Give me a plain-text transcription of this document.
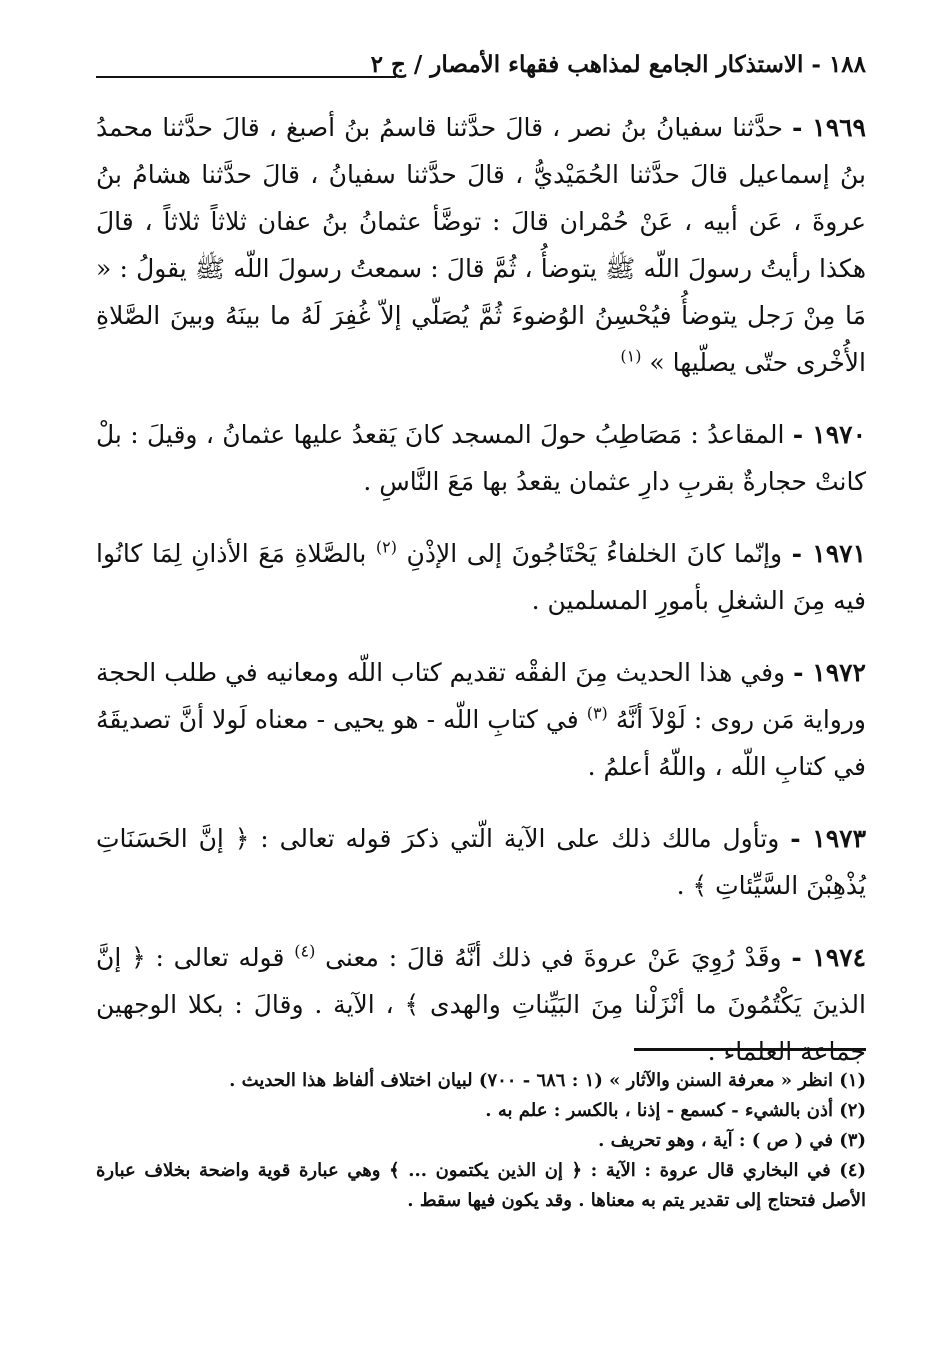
١٨٨ - الاستذكار الجامع لمذاهب فقهاء الأمصار / ج ٢

١٩٦٩ - حدَّثنا سفيانُ بنُ نصر ، قالَ حدَّثنا قاسمُ بنُ أصبغ ، قالَ حدَّثنا محمدُ بنُ إسماعيل قالَ حدَّثنا الحُمَيْديُّ ، قالَ حدَّثنا سفيانُ ، قالَ حدَّثنا هشامُ بنُ عروةَ ، عَن أبيه ، عَنْ حُمْران قالَ : توضَّأ عثمانُ بنُ عفان ثلاثاً ثلاثاً ، قالَ هكذا رأيتُ رسولَ اللّه ﷺ يتوضأُ ، ثُمَّ قالَ : سمعتُ رسولَ اللّه ﷺ يقولُ : « مَا مِنْ رَجل يتوضأُ فيُحْسِنُ الوُضوءَ ثُمَّ يُصَلّي إلاّ غُفِرَ لَهُ ما بينَهُ وبينَ الصَّلاةِ الأُخْرى حتّى يصلّيها » $^{(١)}$

١٩٧٠ - المقاعدُ : مَصَاطِبُ حولَ المسجد كانَ يَقعدُ عليها عثمانُ ، وقيلَ : بلْ كانتْ حجارةٌ بقربِ دارِ عثمان يقعدُ بها مَعَ النَّاسِ .

١٩٧١ - وإنّما كانَ الخلفاءُ يَحْتَاجُونَ إلى الإذْنِ $^{(٢)}$ بالصَّلاةِ مَعَ الأذانِ لِمَا كانُوا فيه مِنَ الشغلِ بأمورِ المسلمين .

١٩٧٢ - وفي هذا الحديث مِنَ الفقْه تقديم كتاب اللّه ومعانيه في طلب الحجة ورواية مَن روى : لَوْلاَ أنَّهُ $^{(٣)}$ في كتابِ اللّه - هو يحيى - معناه لَولا أنَّ تصديقَهُ في كتابِ اللّه ، واللّهُ أعلمُ .

١٩٧٣ - وتأول مالك ذلك على الآية الّتي ذكرَ قوله تعالى : ﴿ إنَّ الحَسَنَاتِ يُذْهِبْنَ السَّيِّئاتِ ﴾ .

١٩٧٤ - وقَدْ رُوِيَ عَنْ عروةَ في ذلك أنَّهُ قالَ : معنى $^{(٤)}$ قوله تعالى : ﴿ إنَّ الذينَ يَكْتُمُونَ ما أنْزَلْنا مِنَ البَيِّناتِ والهدى ﴾ ، الآية . وقالَ : بكلا الوجهين جماعة العلماء .

(١) انظر « معرفة السنن والآثار » (١ : ٦٨٦ - ٧٠٠) لبيان اختلاف ألفاظ هذا الحديث .

(٢) أذن بالشيء - كسمع - إذنا ، بالكسر : علم به .

(٣) في ( ص ) : آية ، وهو تحريف .

(٤) في البخاري قال عروة : الآية : ﴿ إن الذين يكتمون ... ﴾ وهي عبارة قوية واضحة بخلاف عبارة الأصل فتحتاج إلى تقدير يتم به معناها . وقد يكون فيها سقط .
